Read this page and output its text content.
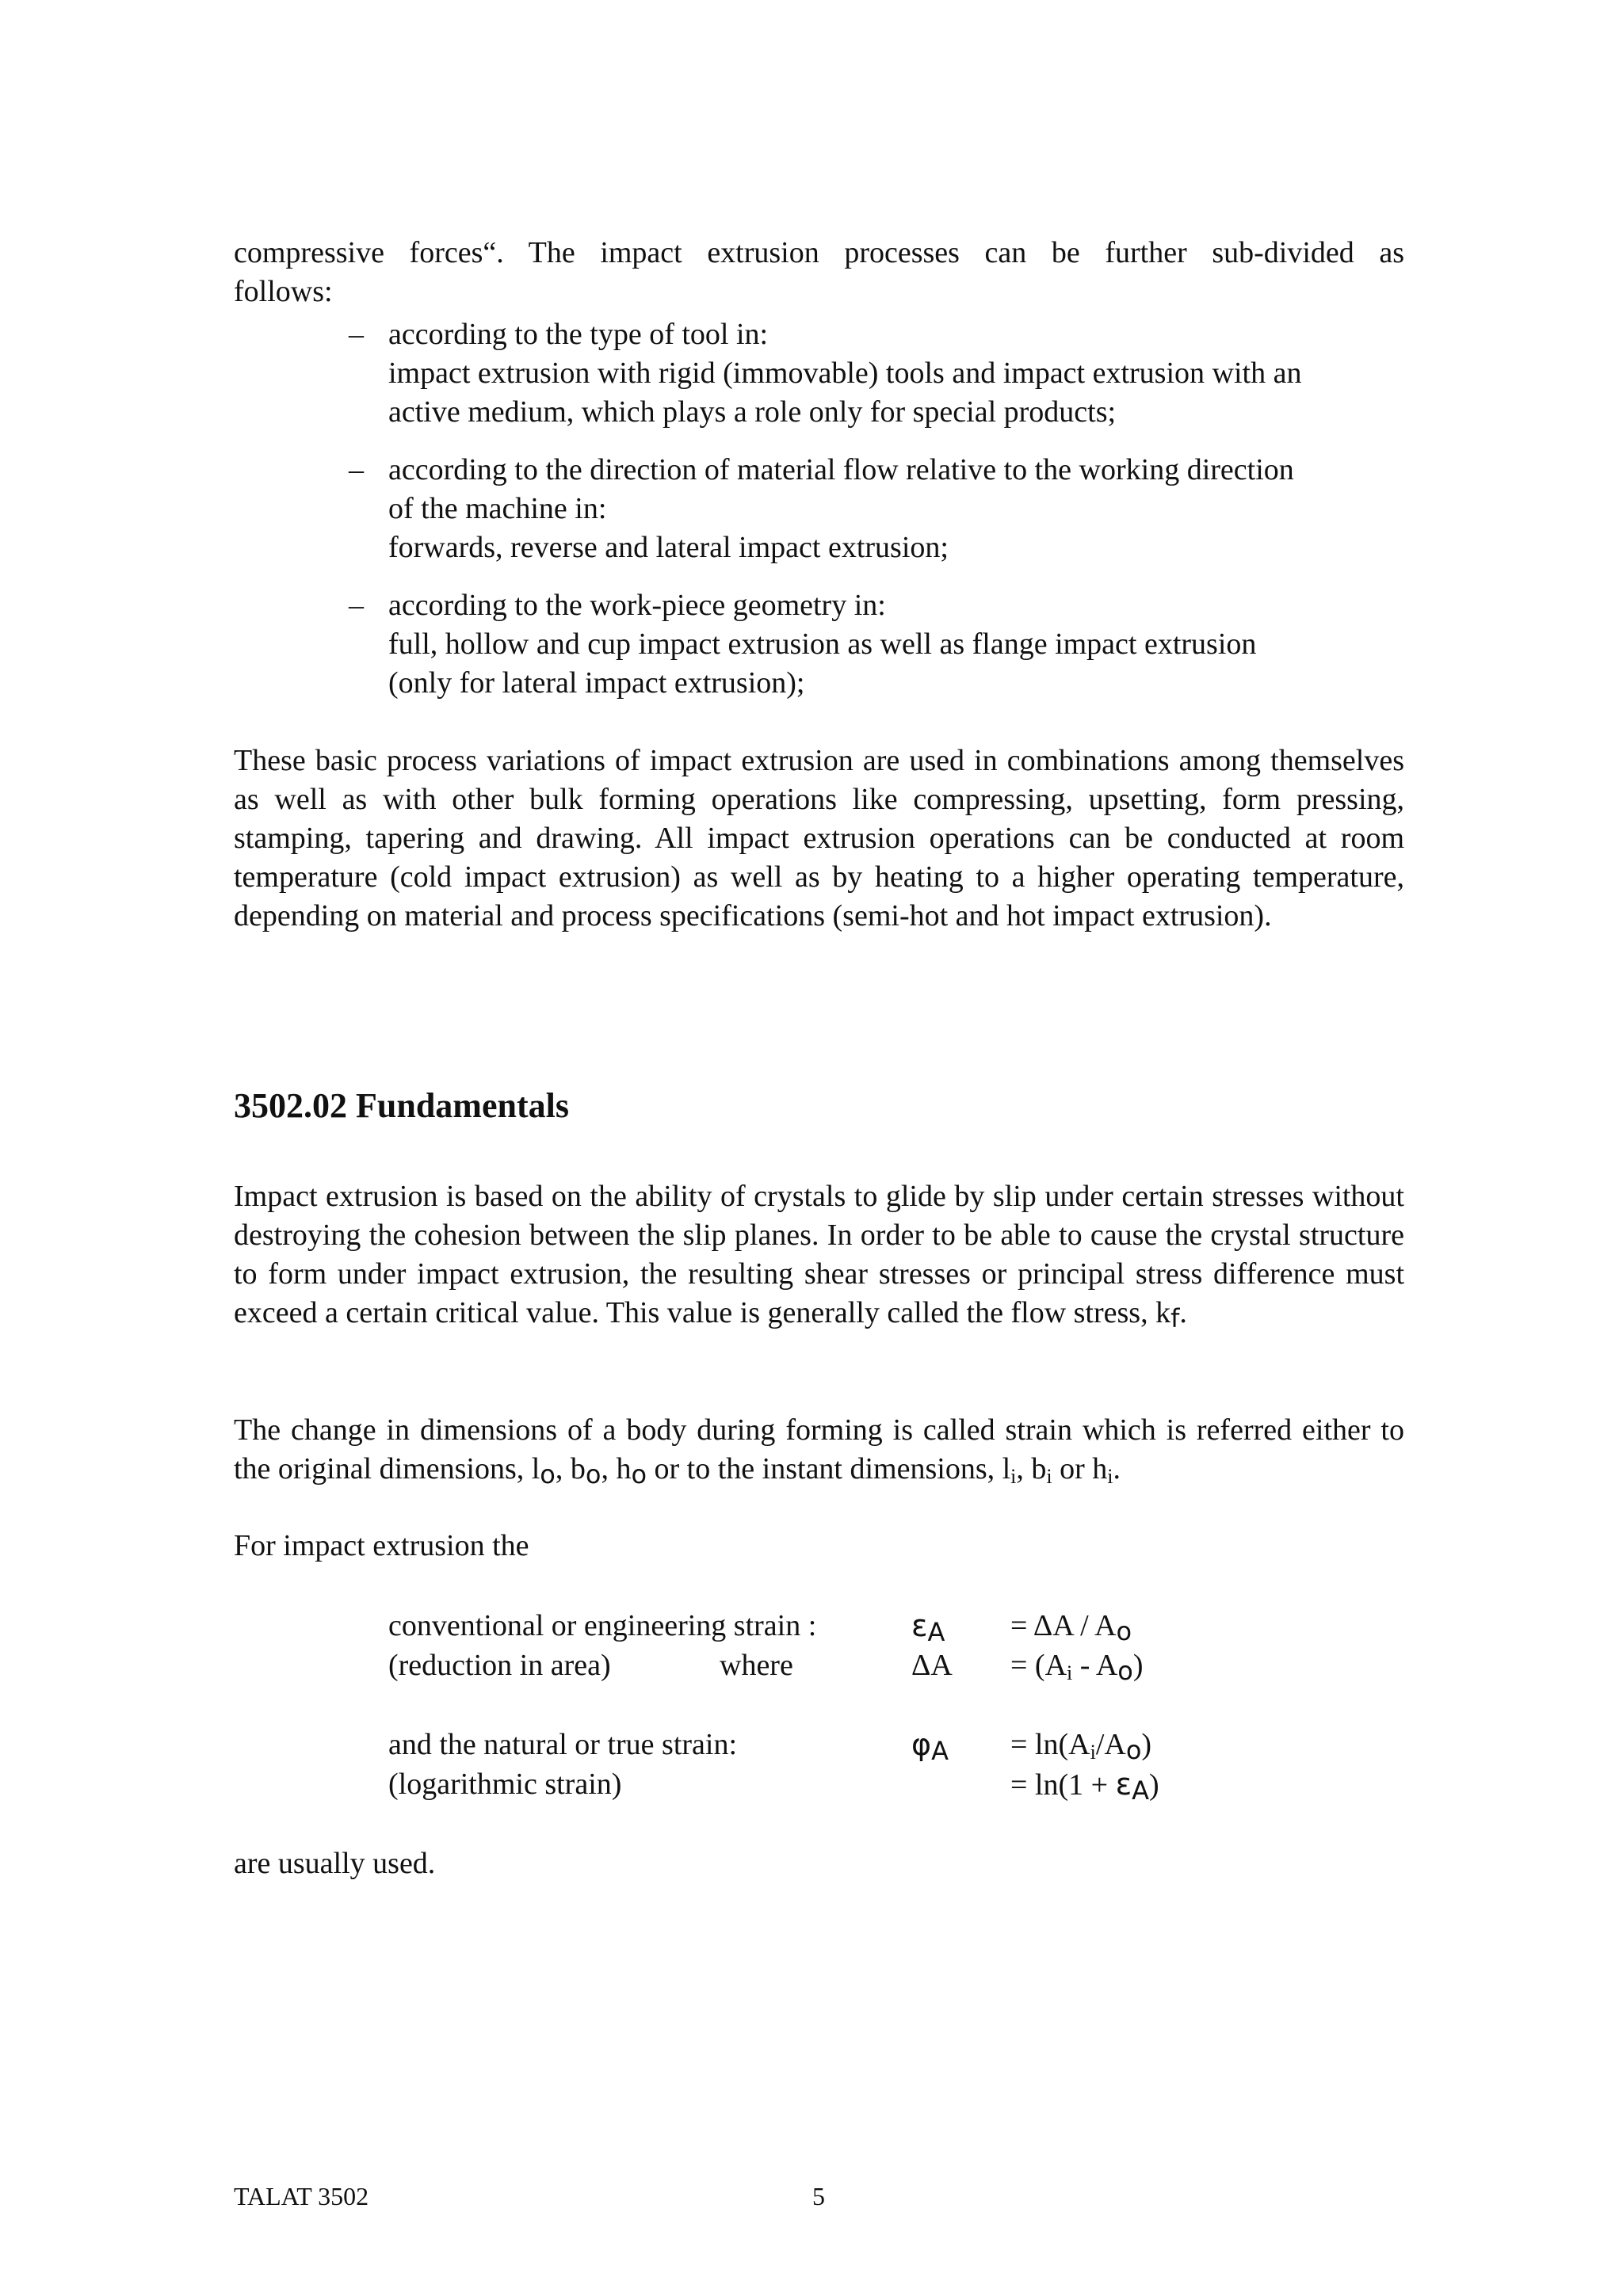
compressive forces“. The impact extrusion processes can be further sub-divided as
follows:
– according to the type of tool in:
impact extrusion with rigid (immovable) tools and impact extrusion with an
active medium, which plays a role only for special products;
– according to the direction of material flow relative to the working direction
of the machine in:
forwards, reverse and lateral impact extrusion;
– according to the work-piece geometry in:
full, hollow and cup impact extrusion as well as flange impact extrusion
(only for lateral impact extrusion);
These basic process variations of impact extrusion are used in combinations among themselves as well as with other bulk forming operations like compressing, upsetting, form pressing, stamping, tapering and drawing. All impact extrusion operations can be conducted at room temperature (cold impact extrusion) as well as by heating to a higher operating temperature, depending on material and process specifications (semi-hot and hot impact extrusion).
3502.02 Fundamentals
Impact extrusion is based on the ability of crystals to glide by slip under certain stresses without destroying the cohesion between the slip planes. In order to be able to cause the crystal structure to form under impact extrusion, the resulting shear stresses or principal stress difference must exceed a certain critical value. This value is generally called the flow stress, kf.
The change in dimensions of a body during forming is called strain which is referred either to the original dimensions, lo, bo, ho or to the instant dimensions, li, bi or hi.
For impact extrusion the
conventional or engineering strain :	εA = ΔA / Ao
(reduction in area)	where	ΔA = (Ai - Ao)
and the natural or true strain:	φA = ln(Ai/Ao)
(logarithmic strain)	= ln(1 + εA)
are usually used.
TALAT 3502	5
